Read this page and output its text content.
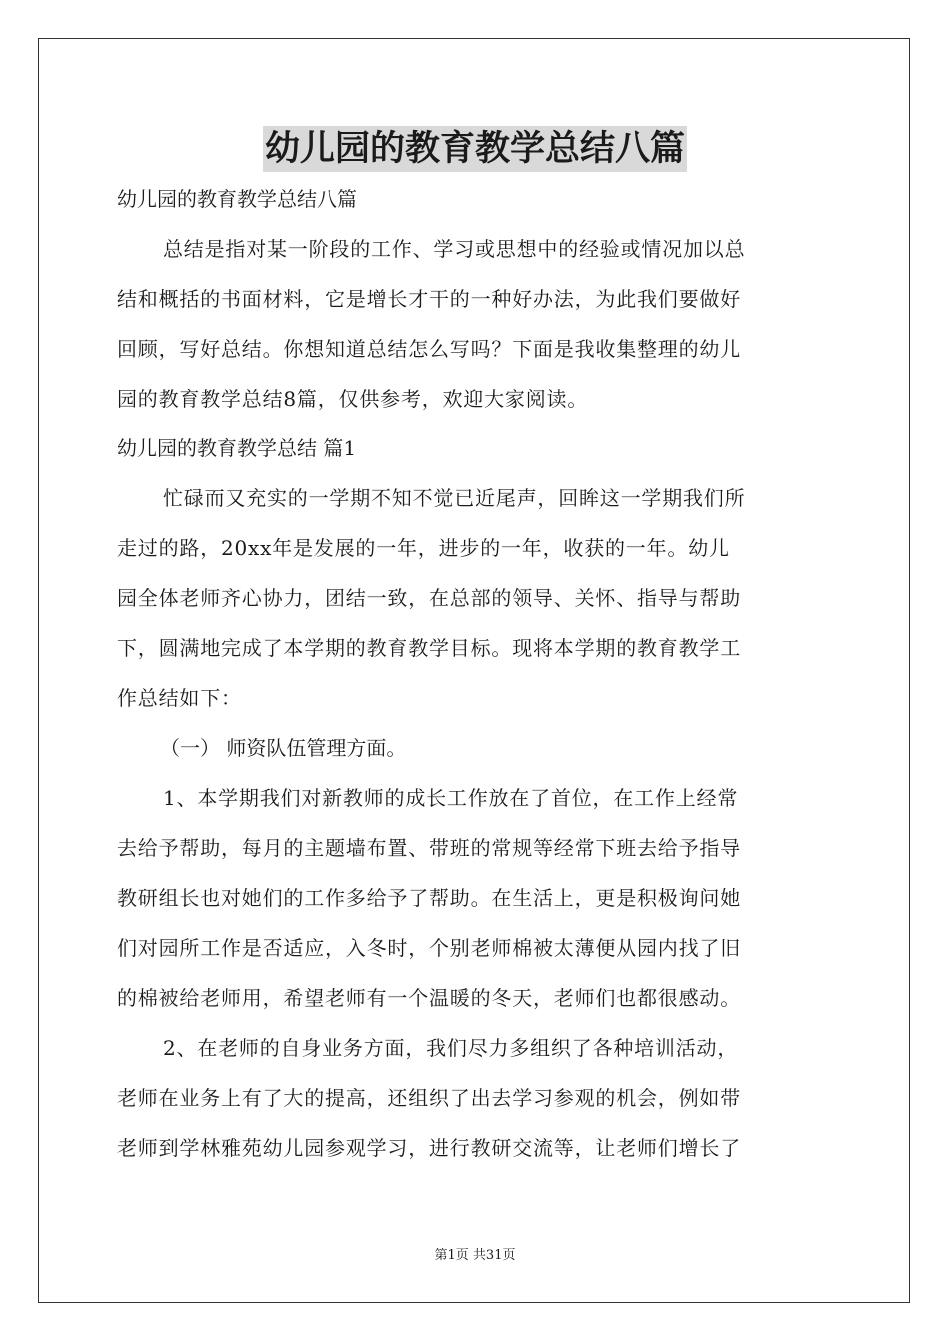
幼儿园的教育教学总结八篇
幼儿园的教育教学总结八篇
总结是指对某一阶段的工作、学习或思想中的经验或情况加以总
结和概括的书面材料，它是增长才干的一种好办法，为此我们要做好
回顾，写好总结。你想知道总结怎么写吗？下面是我收集整理的幼儿
园的教育教学总结8篇，仅供参考，欢迎大家阅读。
幼儿园的教育教学总结 篇1
忙碌而又充实的一学期不知不觉已近尾声，回眸这一学期我们所
走过的路，20xx年是发展的一年，进步的一年，收获的一年。幼儿
园全体老师齐心协力，团结一致，在总部的领导、关怀、指导与帮助
下，圆满地完成了本学期的教育教学目标。现将本学期的教育教学工
作总结如下：
（一） 师资队伍管理方面。
1、本学期我们对新教师的成长工作放在了首位，在工作上经常
去给予帮助，每月的主题墙布置、带班的常规等经常下班去给予指导
教研组长也对她们的工作多给予了帮助。在生活上，更是积极询问她
们对园所工作是否适应，入冬时，个别老师棉被太薄便从园内找了旧
的棉被给老师用，希望老师有一个温暖的冬天，老师们也都很感动。
2、在老师的自身业务方面，我们尽力多组织了各种培训活动，
老师在业务上有了大的提高，还组织了出去学习参观的机会，例如带
老师到学林雅苑幼儿园参观学习，进行教研交流等，让老师们增长了
第1页 共31页
